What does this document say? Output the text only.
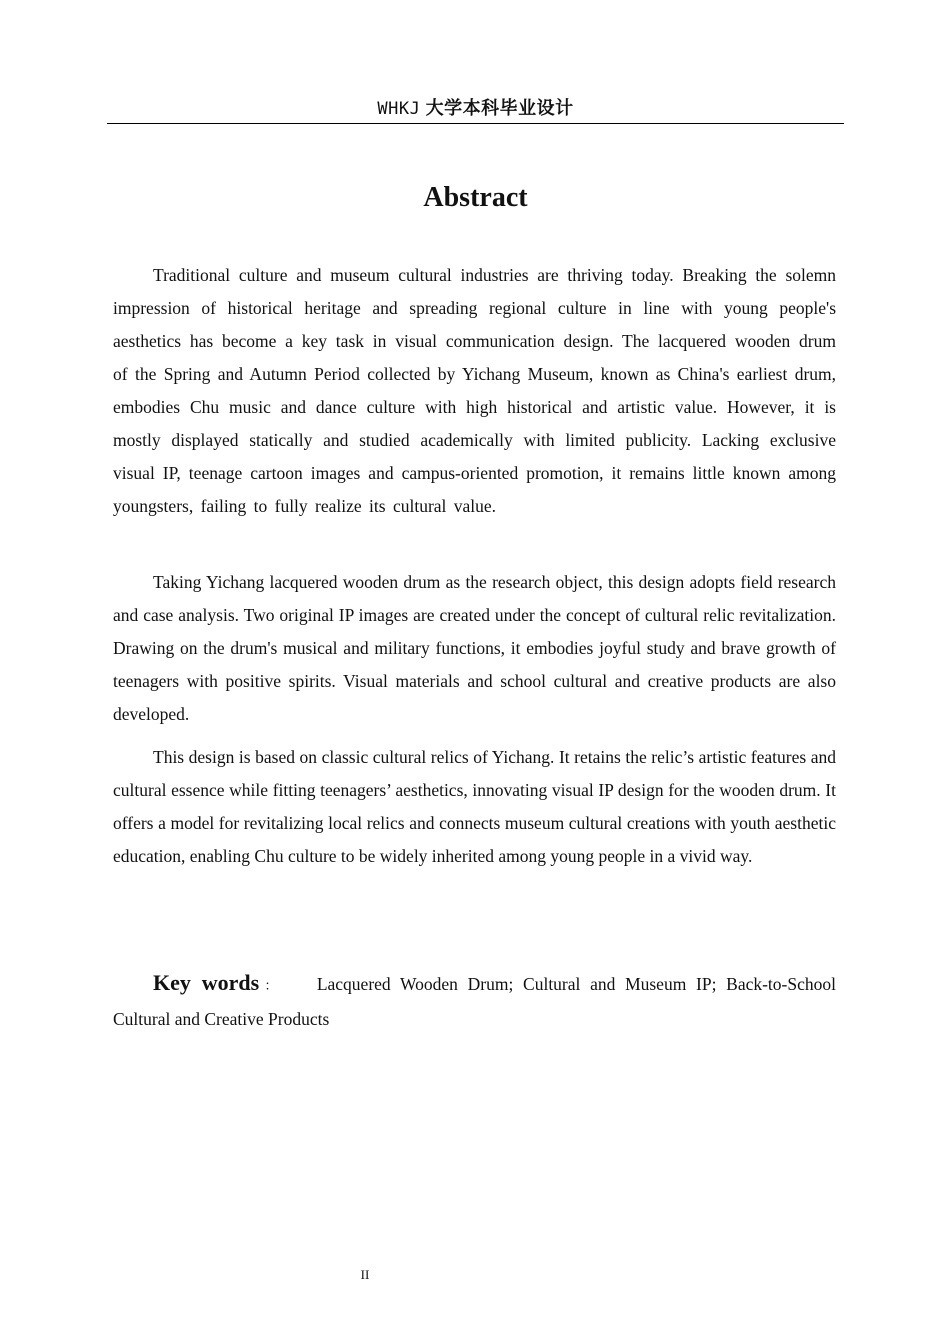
WHKJ 大学本科毕业设计
Abstract

Traditional culture and museum cultural industries are thriving today. Breaking the solemn impression of historical heritage and spreading regional culture in line with young people's aesthetics has become a key task in visual communication design. The lacquered wooden drum of the Spring and Autumn Period collected by Yichang Museum, known as China's earliest drum, embodies Chu music and dance culture with high historical and artistic value. However, it is mostly displayed statically and studied academically with limited publicity. Lacking exclusive visual IP, teenage cartoon images and campus-oriented promotion, it remains little known among youngsters, failing to fully realize its cultural value.

Taking Yichang lacquered wooden drum as the research object, this design adopts field research and case analysis. Two original IP images are created under the concept of cultural relic revitalization. Drawing on the drum's musical and military functions, it embodies joyful study and brave growth of teenagers with positive spirits. Visual materials and school cultural and creative products are also developed.

This design is based on classic cultural relics of Yichang. It retains the relic’s artistic features and cultural essence while fitting teenagers’ aesthetics, innovating visual IP design for the wooden drum. It offers a model for revitalizing local relics and connects museum cultural creations with youth aesthetic education, enabling Chu culture to be widely inherited among young people in a vivid way.

Key words： Lacquered Wooden Drum; Cultural and Museum IP; Back-to-School Cultural and Creative Products

II
